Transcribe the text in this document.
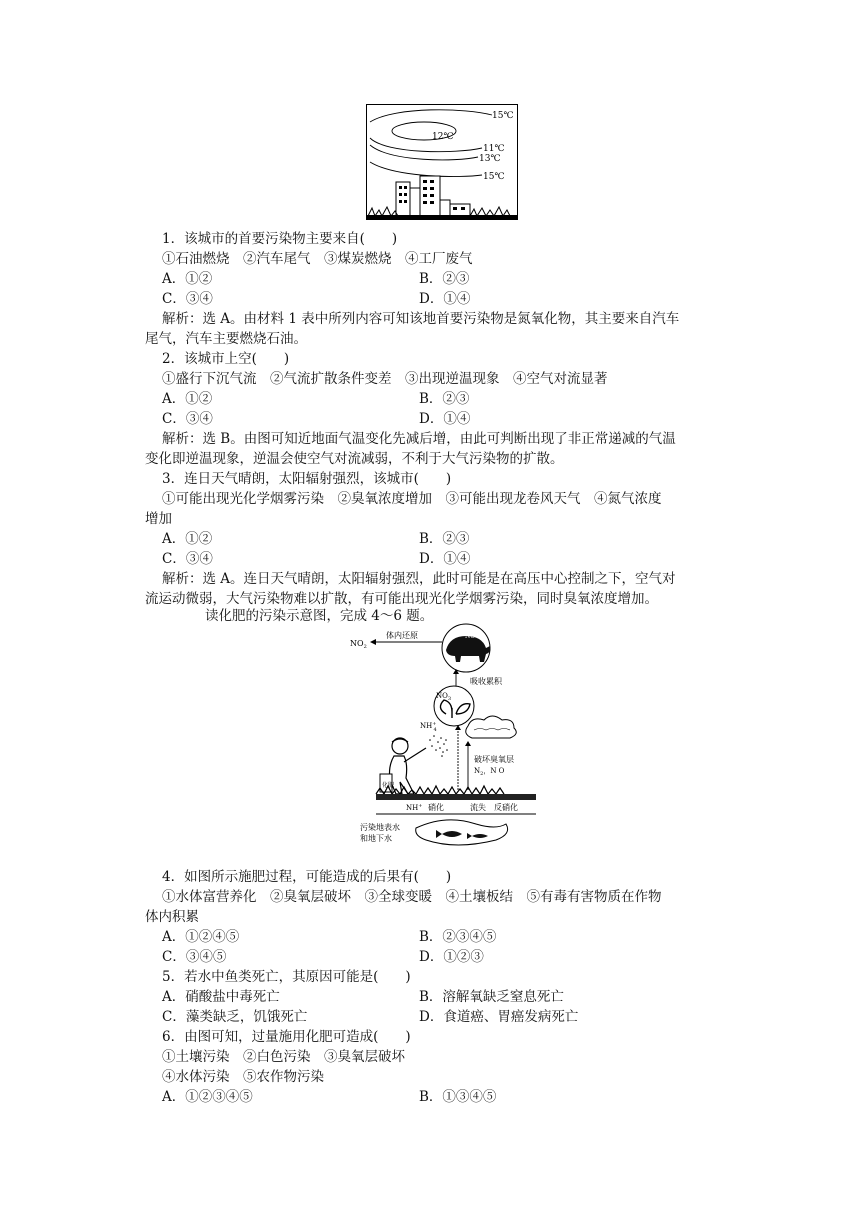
12℃
15℃
11℃
13℃
15℃
1．该城市的首要污染物主要来自(　　)
①石油燃烧　②汽车尾气　③煤炭燃烧　④工厂废气
A．①②	B．②③
C．③④	D．①④
解析：选 A。由材料 1 表中所列内容可知该地首要污染物是氮氧化物，其主要来自汽车
尾气，汽车主要燃烧石油。
2．该城市上空(　　)
①盛行下沉气流　②气流扩散条件变差　③出现逆温现象　④空气对流显著
A．①②	B．②③
C．③④	D．①④
解析：选 B。由图可知近地面气温变化先减后增，由此可判断出现了非正常递减的气温
变化即逆温现象，逆温会使空气对流减弱，不利于大气污染物的扩散。
3．连日天气晴朗，太阳辐射强烈，该城市(　　)
①可能出现光化学烟雾污染　②臭氧浓度增加　③可能出现龙卷风天气　④氮气浓度
增加
A．①②	B．②③
C．③④	D．①④
解析：选 A。连日天气晴朗，太阳辐射强烈，此时可能是在高压中心控制之下，空气对
流运动微弱，大气污染物难以扩散，有可能出现光化学烟雾污染，同时臭氧浓度增加。
读化肥的污染示意图，完成 4～6 题。
NO
体内还原
$NO_2$
吸收累积
$NO_3$
破坏臭氧层
$N_2$，N O
NH+ 4
化肥
NH+ 硝化	流失 反硝化
污染地表水
和地下水
4．如图所示施肥过程，可能造成的后果有(　　)
①水体富营养化　②臭氧层破坏　③全球变暖　④土壤板结　⑤有毒有害物质在作物
体内积累
A．①②④⑤	B．②③④⑤
C．③④⑤	D．①②③
5．若水中鱼类死亡，其原因可能是(　　)
A．硝酸盐中毒死亡	B．溶解氧缺乏窒息死亡
C．藻类缺乏，饥饿死亡	D．食道癌、胃癌发病死亡
6．由图可知，过量施用化肥可造成(　　)
①土壤污染　②白色污染　③臭氧层破坏
④水体污染　⑤农作物污染
A．①②③④⑤	B．①③④⑤
